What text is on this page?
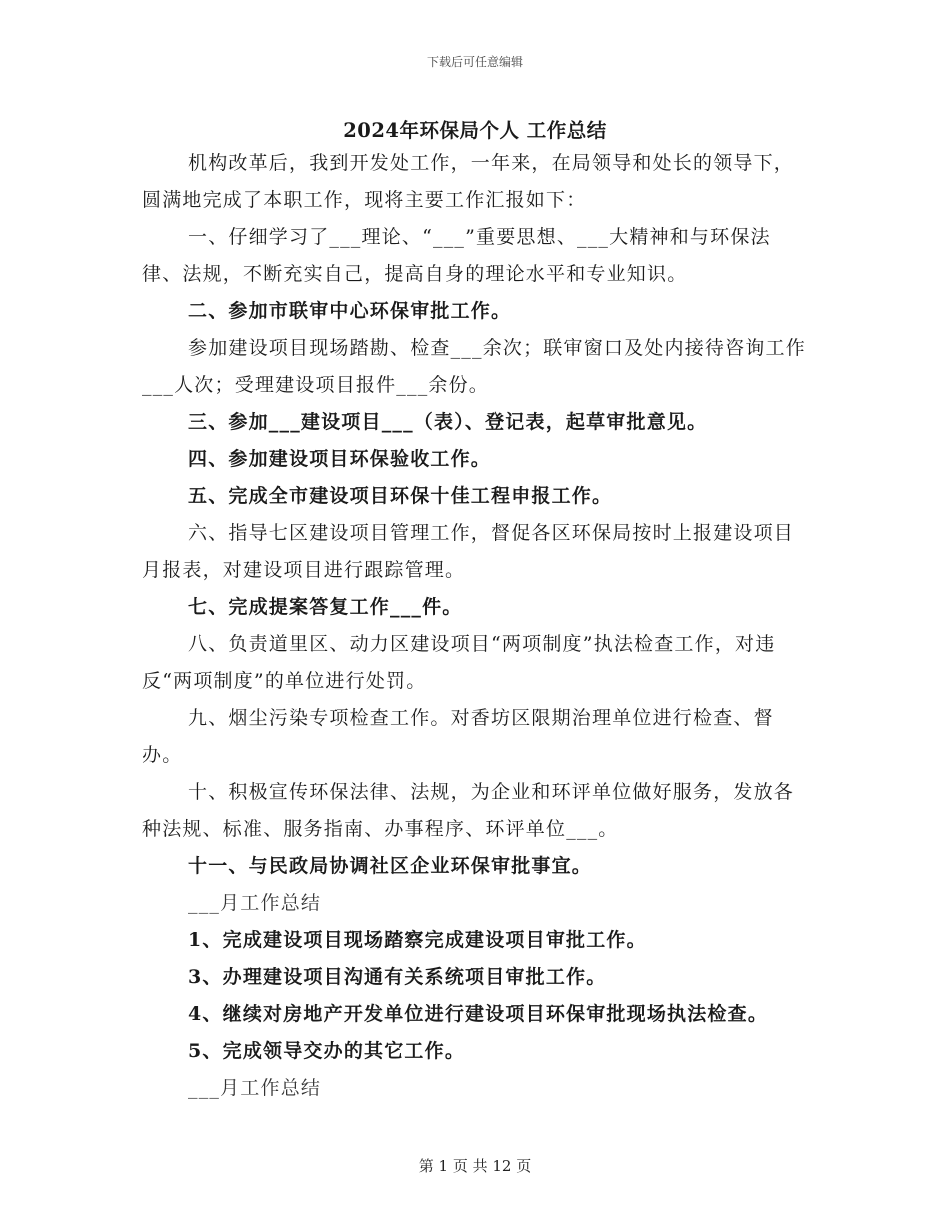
下载后可任意编辑
2024年环保局个人 工作总结

机构改革后，我到开发处工作，一年来，在局领导和处长的领导下，圆满地完成了本职工作，现将主要工作汇报如下：

一、仔细学习了___理论、“___”重要思想、___大精神和与环保法律、法规，不断充实自己，提高自身的理论水平和专业知识。

二、参加市联审中心环保审批工作。

参加建设项目现场踏勘、检查___余次；联审窗口及处内接待咨询工作___人次；受理建设项目报件___余份。

三、参加___建设项目___（表）、登记表，起草审批意见。

四、参加建设项目环保验收工作。

五、完成全市建设项目环保十佳工程申报工作。

六、指导七区建设项目管理工作，督促各区环保局按时上报建设项目月报表，对建设项目进行跟踪管理。

七、完成提案答复工作___件。

八、负责道里区、动力区建设项目“两项制度”执法检查工作，对违反“两项制度”的单位进行处罚。

九、烟尘污染专项检查工作。对香坊区限期治理单位进行检查、督办。

十、积极宣传环保法律、法规，为企业和环评单位做好服务，发放各种法规、标准、服务指南、办事程序、环评单位___。

十一、与民政局协调社区企业环保审批事宜。

___月工作总结

1、完成建设项目现场踏察完成建设项目审批工作。

3、办理建设项目沟通有关系统项目审批工作。

4、继续对房地产开发单位进行建设项目环保审批现场执法检查。

5、完成领导交办的其它工作。

___月工作总结

第 1 页 共 12 页
